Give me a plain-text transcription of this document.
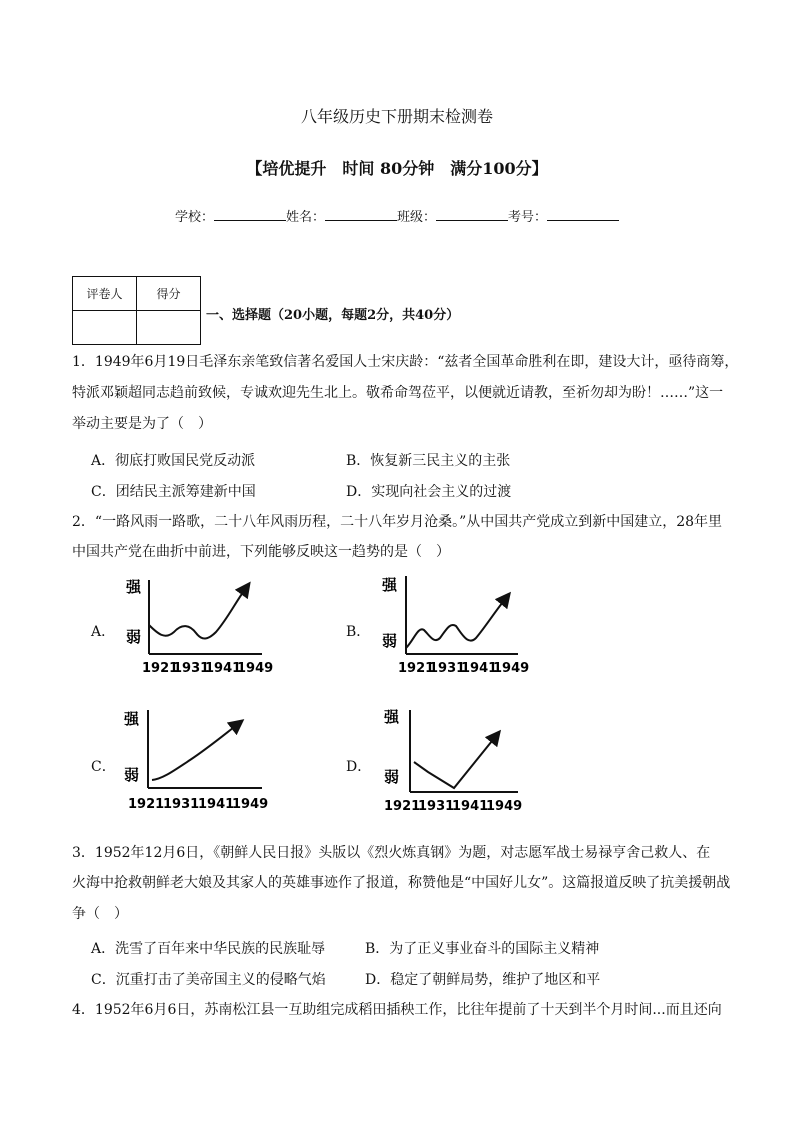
八年级历史下册期末检测卷
【培优提升　时间 80分钟　满分100分】
学校：	姓名：	班级：	考号：
评卷人	得分

一、选择题（20小题，每题2分，共40分）
1．1949年6月19日毛泽东亲笔致信著名爱国人士宋庆龄：“兹者全国革命胜利在即，建设大计，亟待商筹，
特派邓颖超同志趋前致候，专诚欢迎先生北上。敬希命驾莅平，以便就近请教，至祈勿却为盼！……”这一
举动主要是为了（　）
A．彻底打败国民党反动派	B．恢复新三民主义的主张
C．团结民主派筹建新中国	D．实现向社会主义的过渡
2．“一路风雨一路歌，二十八年风雨历程，二十八年岁月沧桑。”从中国共产党成立到新中国建立，28年里
中国共产党在曲折中前进，下列能够反映这一趋势的是（　）
A．	B．
C．	D．
强
弱
1921
1931
1941
1949
强
弱
1921
1931
1941
1949
强
弱
1921
1931
1941
1949
强
弱
1921
1931
1941
1949
3．1952年12月6日，《朝鲜人民日报》头版以《烈火炼真钢》为题，对志愿军战士易禄亨舍己救人、在
火海中抢救朝鲜老大娘及其家人的英雄事迹作了报道，称赞他是“中国好儿女”。这篇报道反映了抗美援朝战
争（　）
A．洗雪了百年来中华民族的民族耻辱	B．为了正义事业奋斗的国际主义精神
C．沉重打击了美帝国主义的侵略气焰	D．稳定了朝鲜局势，维护了地区和平
4．1952年6月6日，苏南松江县一互助组完成稻田插秧工作，比往年提前了十天到半个月时间...而且还向
